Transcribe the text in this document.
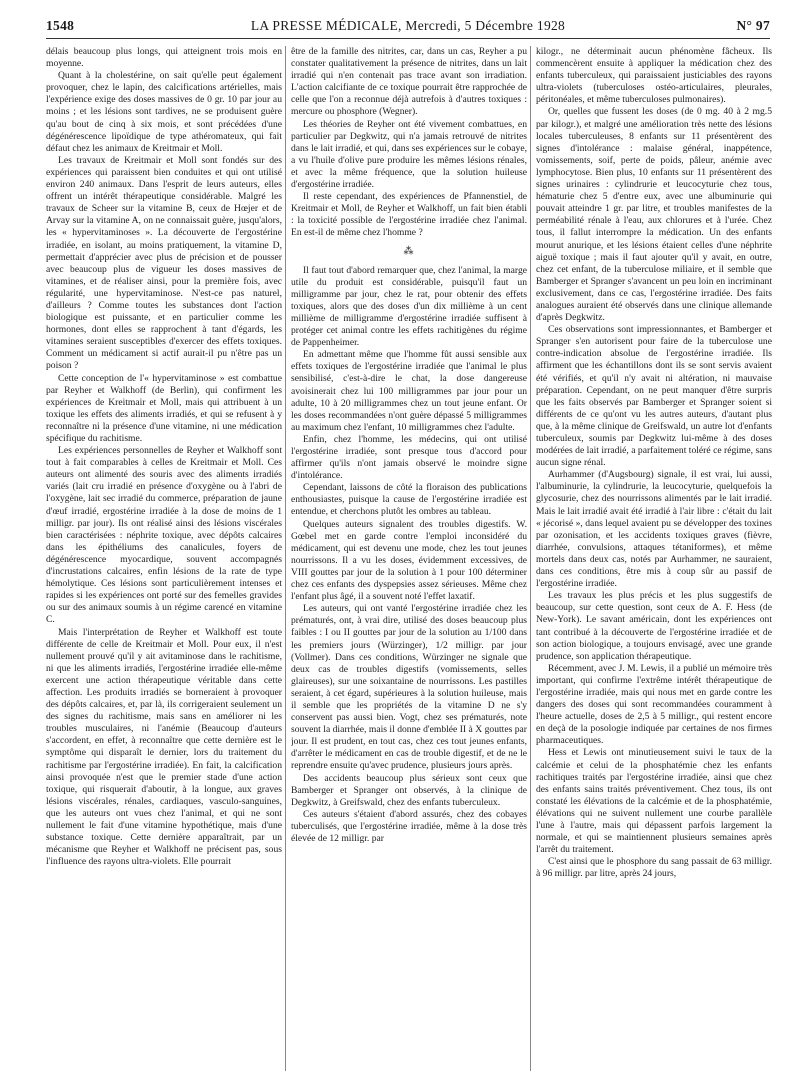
1548	LA PRESSE MÉDICALE, Mercredi, 5 Décembre 1928	N° 97

délais beaucoup plus longs, qui atteignent trois mois en moyenne.

Quant à la cholestérine, on sait qu'elle peut également provoquer, chez le lapin, des calcifications artérielles, mais l'expérience exige des doses massives de 0 gr. 10 par jour au moins ; et les lésions sont tardives, ne se produisent guère qu'au bout de cinq à six mois, et sont précédées d'une dégénérescence lipoïdique de type athéromateux, qui fait défaut chez les animaux de Kreitmair et Moll.

Les travaux de Kreitmair et Moll sont fondés sur des expériences qui paraissent bien conduites et qui ont utilisé environ 240 animaux. Dans l'esprit de leurs auteurs, elles offrent un intérêt thérapeutique considérable. Malgré les travaux de Scheer sur la vitamine B, ceux de Hœjer et de Arvay sur la vitamine A, on ne connaissait guère, jusqu'alors, les « hypervitaminoses ». La découverte de l'ergostérine irradiée, en isolant, au moins pratiquement, la vitamine D, permettait d'apprécier avec plus de précision et de pousser avec beaucoup plus de vigueur les doses massives de vitamines, et de réaliser ainsi, pour la première fois, avec régularité, une hypervitaminose. N'est-ce pas naturel, d'ailleurs ? Comme toutes les substances dont l'action biologique est puissante, et en particulier comme les hormones, dont elles se rapprochent à tant d'égards, les vitamines seraient susceptibles d'exercer des effets toxiques. Comment un médicament si actif aurait-il pu n'être pas un poison ?

Cette conception de l'« hypervitaminose » est combattue par Reyher et Walkhoff (de Berlin), qui confirment les expériences de Kreitmair et Moll, mais qui attribuent à un toxique les effets des aliments irradiés, et qui se refusent à y reconnaître ni la présence d'une vitamine, ni une médication spécifique du rachitisme.

Les expériences personnelles de Reyher et Walkhoff sont tout à fait comparables à celles de Kreitmair et Moll. Ces auteurs ont alimenté des souris avec des aliments irradiés variés (lait cru irradié en présence d'oxygène ou à l'abri de l'oxygène, lait sec irradié du commerce, préparation de jaune d'œuf irradié, ergostérine irradiée à la dose de moins de 1 milligr. par jour). Ils ont réalisé ainsi des lésions viscérales bien caractérisées : néphrite toxique, avec dépôts calcaires dans les épithéliums des canalicules, foyers de dégénérescence myocardique, souvent accompagnés d'incrustations calcaires, enfin lésions de la rate de type hémolytique. Ces lésions sont particulièrement intenses et rapides si les expériences ont porté sur des femelles gravides ou sur des animaux soumis à un régime carencé en vitamine C.

Mais l'interprétation de Reyher et Walkhoff est toute différente de celle de Kreitmair et Moll. Pour eux, il n'est nullement prouvé qu'il y ait avitaminose dans le rachitisme, ni que les aliments irradiés, l'ergostérine irradiée elle-même exercent une action thérapeutique véritable dans cette affection. Les produits irradiés se borneraient à provoquer des dépôts calcaires, et, par là, ils corrigeraient seulement un des signes du rachitisme, mais sans en améliorer ni les troubles musculaires, ni l'anémie (Beaucoup d'auteurs s'accordent, en effet, à reconnaître que cette dernière est le symptôme qui disparaît le dernier, lors du traitement du rachitisme par l'ergostérine irradiée). En fait, la calcification ainsi provoquée n'est que le premier stade d'une action toxique, qui risquerait d'aboutir, à la longue, aux graves lésions viscérales, rénales, cardiaques, vasculo-sanguines, que les auteurs ont vues chez l'animal, et qui ne sont nullement le fait d'une vitamine hypothétique, mais d'une substance toxique. Cette dernière apparaîtrait, par un mécanisme que Reyher et Walkhoff ne précisent pas, sous l'influence des rayons ultra-violets. Elle pourrait

être de la famille des nitrites, car, dans un cas, Reyher a pu constater qualitativement la présence de nitrites, dans un lait irradié qui n'en contenait pas trace avant son irradiation. L'action calcifiante de ce toxique pourrait être rapprochée de celle que l'on a reconnue déjà autrefois à d'autres toxiques : mercure ou phosphore (Wegner).

Les théories de Reyher ont été vivement combattues, en particulier par Degkwitz, qui n'a jamais retrouvé de nitrites dans le lait irradié, et qui, dans ses expériences sur le cobaye, a vu l'huile d'olive pure produire les mêmes lésions rénales, et avec la même fréquence, que la solution huileuse d'ergostérine irradiée.

Il reste cependant, des expériences de Pfannenstiel, de Kreitmair et Moll, de Reyher et Walkhoff, un fait bien établi : la toxicité possible de l'ergostérine irradiée chez l'animal. En est-il de même chez l'homme ?

⁂

Il faut tout d'abord remarquer que, chez l'animal, la marge utile du produit est considérable, puisqu'il faut un milligramme par jour, chez le rat, pour obtenir des effets toxiques, alors que des doses d'un dix millième à un cent millième de milligramme d'ergostérine irradiée suffisent à protéger cet animal contre les effets rachitigènes du régime de Pappenheimer.

En admettant même que l'homme fût aussi sensible aux effets toxiques de l'ergostérine irradiée que l'animal le plus sensibilisé, c'est-à-dire le chat, la dose dangereuse avoisinerait chez lui 100 milligrammes par jour pour un adulte, 10 à 20 milligrammes chez un tout jeune enfant. Or les doses recommandées n'ont guère dépassé 5 milligrammes au maximum chez l'enfant, 10 milligrammes chez l'adulte.

Enfin, chez l'homme, les médecins, qui ont utilisé l'ergostérine irradiée, sont presque tous d'accord pour affirmer qu'ils n'ont jamais observé le moindre signe d'intolérance.

Cependant, laissons de côté la floraison des publications enthousiastes, puisque la cause de l'ergostérine irradiée est entendue, et cherchons plutôt les ombres au tableau.

Quelques auteurs signalent des troubles digestifs. W. Gœbel met en garde contre l'emploi inconsidéré du médicament, qui est devenu une mode, chez les tout jeunes nourrissons. Il a vu les doses, évidemment excessives, de VIII gouttes par jour de la solution à 1 pour 100 déterminer chez ces enfants des dyspepsies assez sérieuses. Même chez l'enfant plus âgé, il a souvent noté l'effet laxatif.

Les auteurs, qui ont vanté l'ergostérine irradiée chez les prématurés, ont, à vrai dire, utilisé des doses beaucoup plus faibles : I ou II gouttes par jour de la solution au 1/100 dans les premiers jours (Würzinger), 1/2 milligr. par jour (Vollmer). Dans ces conditions, Würzinger ne signale que deux cas de troubles digestifs (vomissements, selles glaireuses), sur une soixantaine de nourrissons. Les pastilles seraient, à cet égard, supérieures à la solution huileuse, mais il semble que les propriétés de la vitamine D ne s'y conservent pas aussi bien. Vogt, chez ses prématurés, note souvent la diarrhée, mais il donne d'emblée II à X gouttes par jour. Il est prudent, en tout cas, chez ces tout jeunes enfants, d'arrêter le médicament en cas de trouble digestif, et de ne le reprendre ensuite qu'avec prudence, plusieurs jours après.

Des accidents beaucoup plus sérieux sont ceux que Bamberger et Spranger ont observés, à la clinique de Degkwitz, à Greifswald, chez des enfants tuberculeux.

Ces auteurs s'étaient d'abord assurés, chez des cobayes tuberculisés, que l'ergostérine irradiée, même à la dose très élevée de 12 milligr. par

kilogr., ne déterminait aucun phénomène fâcheux. Ils commencèrent ensuite à appliquer la médication chez des enfants tuberculeux, qui paraissaient justiciables des rayons ultra-violets (tuberculoses ostéo-articulaires, pleurales, péritonéales, et même tuberculoses pulmonaires).

Or, quelles que fussent les doses (de 0 mg. 40 à 2 mg.5 par kilogr.), et malgré une amélioration très nette des lésions locales tuberculeuses, 8 enfants sur 11 présentèrent des signes d'intolérance : malaise général, inappétence, vomissements, soif, perte de poids, pâleur, anémie avec lymphocytose. Bien plus, 10 enfants sur 11 présentèrent des signes urinaires : cylindrurie et leucocyturie chez tous, hématurie chez 5 d'entre eux, avec une albuminurie qui pouvait atteindre 1 gr. par litre, et troubles manifestes de la perméabilité rénale à l'eau, aux chlorures et à l'urée. Chez tous, il fallut interrompre la médication. Un des enfants mourut anurique, et les lésions étaient celles d'une néphrite aiguë toxique ; mais il faut ajouter qu'il y avait, en outre, chez cet enfant, de la tuberculose miliaire, et il semble que Bamberger et Spranger s'avancent un peu loin en incriminant exclusivement, dans ce cas, l'ergostérine irradiée. Des faits analogues auraient été observés dans une clinique allemande d'après Degkwitz.

Ces observations sont impressionnantes, et Bamberger et Spranger s'en autorisent pour faire de la tuberculose une contre-indication absolue de l'ergostérine irradiée. Ils affirment que les échantillons dont ils se sont servis avaient été vérifiés, et qu'il n'y avait ni altération, ni mauvaise préparation. Cependant, on ne peut manquer d'être surpris que les faits observés par Bamberger et Spranger soient si différents de ce qu'ont vu les autres auteurs, d'autant plus que, à la même clinique de Greifswald, un autre lot d'enfants tuberculeux, soumis par Degkwitz lui-même à des doses modérées de lait irradié, a parfaitement toléré ce régime, sans aucun signe rénal.

Aurhammer (d'Augsbourg) signale, il est vrai, lui aussi, l'albuminurie, la cylindrurie, la leucocyturie, quelquefois la glycosurie, chez des nourrissons alimentés par le lait irradié. Mais le lait irradié avait été irradié à l'air libre : c'était du lait « jécorisé », dans lequel avaient pu se développer des toxines par ozonisation, et les accidents toxiques graves (fièvre, diarrhée, convulsions, attaques tétaniformes), et même mortels dans deux cas, notés par Aurhammer, ne sauraient, dans ces conditions, être mis à coup sûr au passif de l'ergostérine irradiée.

Les travaux les plus précis et les plus suggestifs de beaucoup, sur cette question, sont ceux de A. F. Hess (de New-York). Le savant américain, dont les expériences ont tant contribué à la découverte de l'ergostérine irradiée et de son action biologique, a toujours envisagé, avec une grande prudence, son application thérapeutique.

Récemment, avec J. M. Lewis, il a publié un mémoire très important, qui confirme l'extrême intérêt thérapeutique de l'ergostérine irradiée, mais qui nous met en garde contre les dangers des doses qui sont recommandées couramment à l'heure actuelle, doses de 2,5 à 5 milligr., qui restent encore en deçà de la posologie indiquée par certaines de nos firmes pharmaceutiques.

Hess et Lewis ont minutieusement suivi le taux de la calcémie et celui de la phosphatémie chez les enfants rachitiques traités par l'ergostérine irradiée, ainsi que chez des enfants sains traités préventivement. Chez tous, ils ont constaté les élévations de la calcémie et de la phosphatémie, élévations qui ne suivent nullement une courbe parallèle l'une à l'autre, mais qui dépassent parfois largement la normale, et qui se maintiennent plusieurs semaines après l'arrêt du traitement.

C'est ainsi que le phosphore du sang passait de 63 milligr. à 96 milligr. par litre, après 24 jours,
